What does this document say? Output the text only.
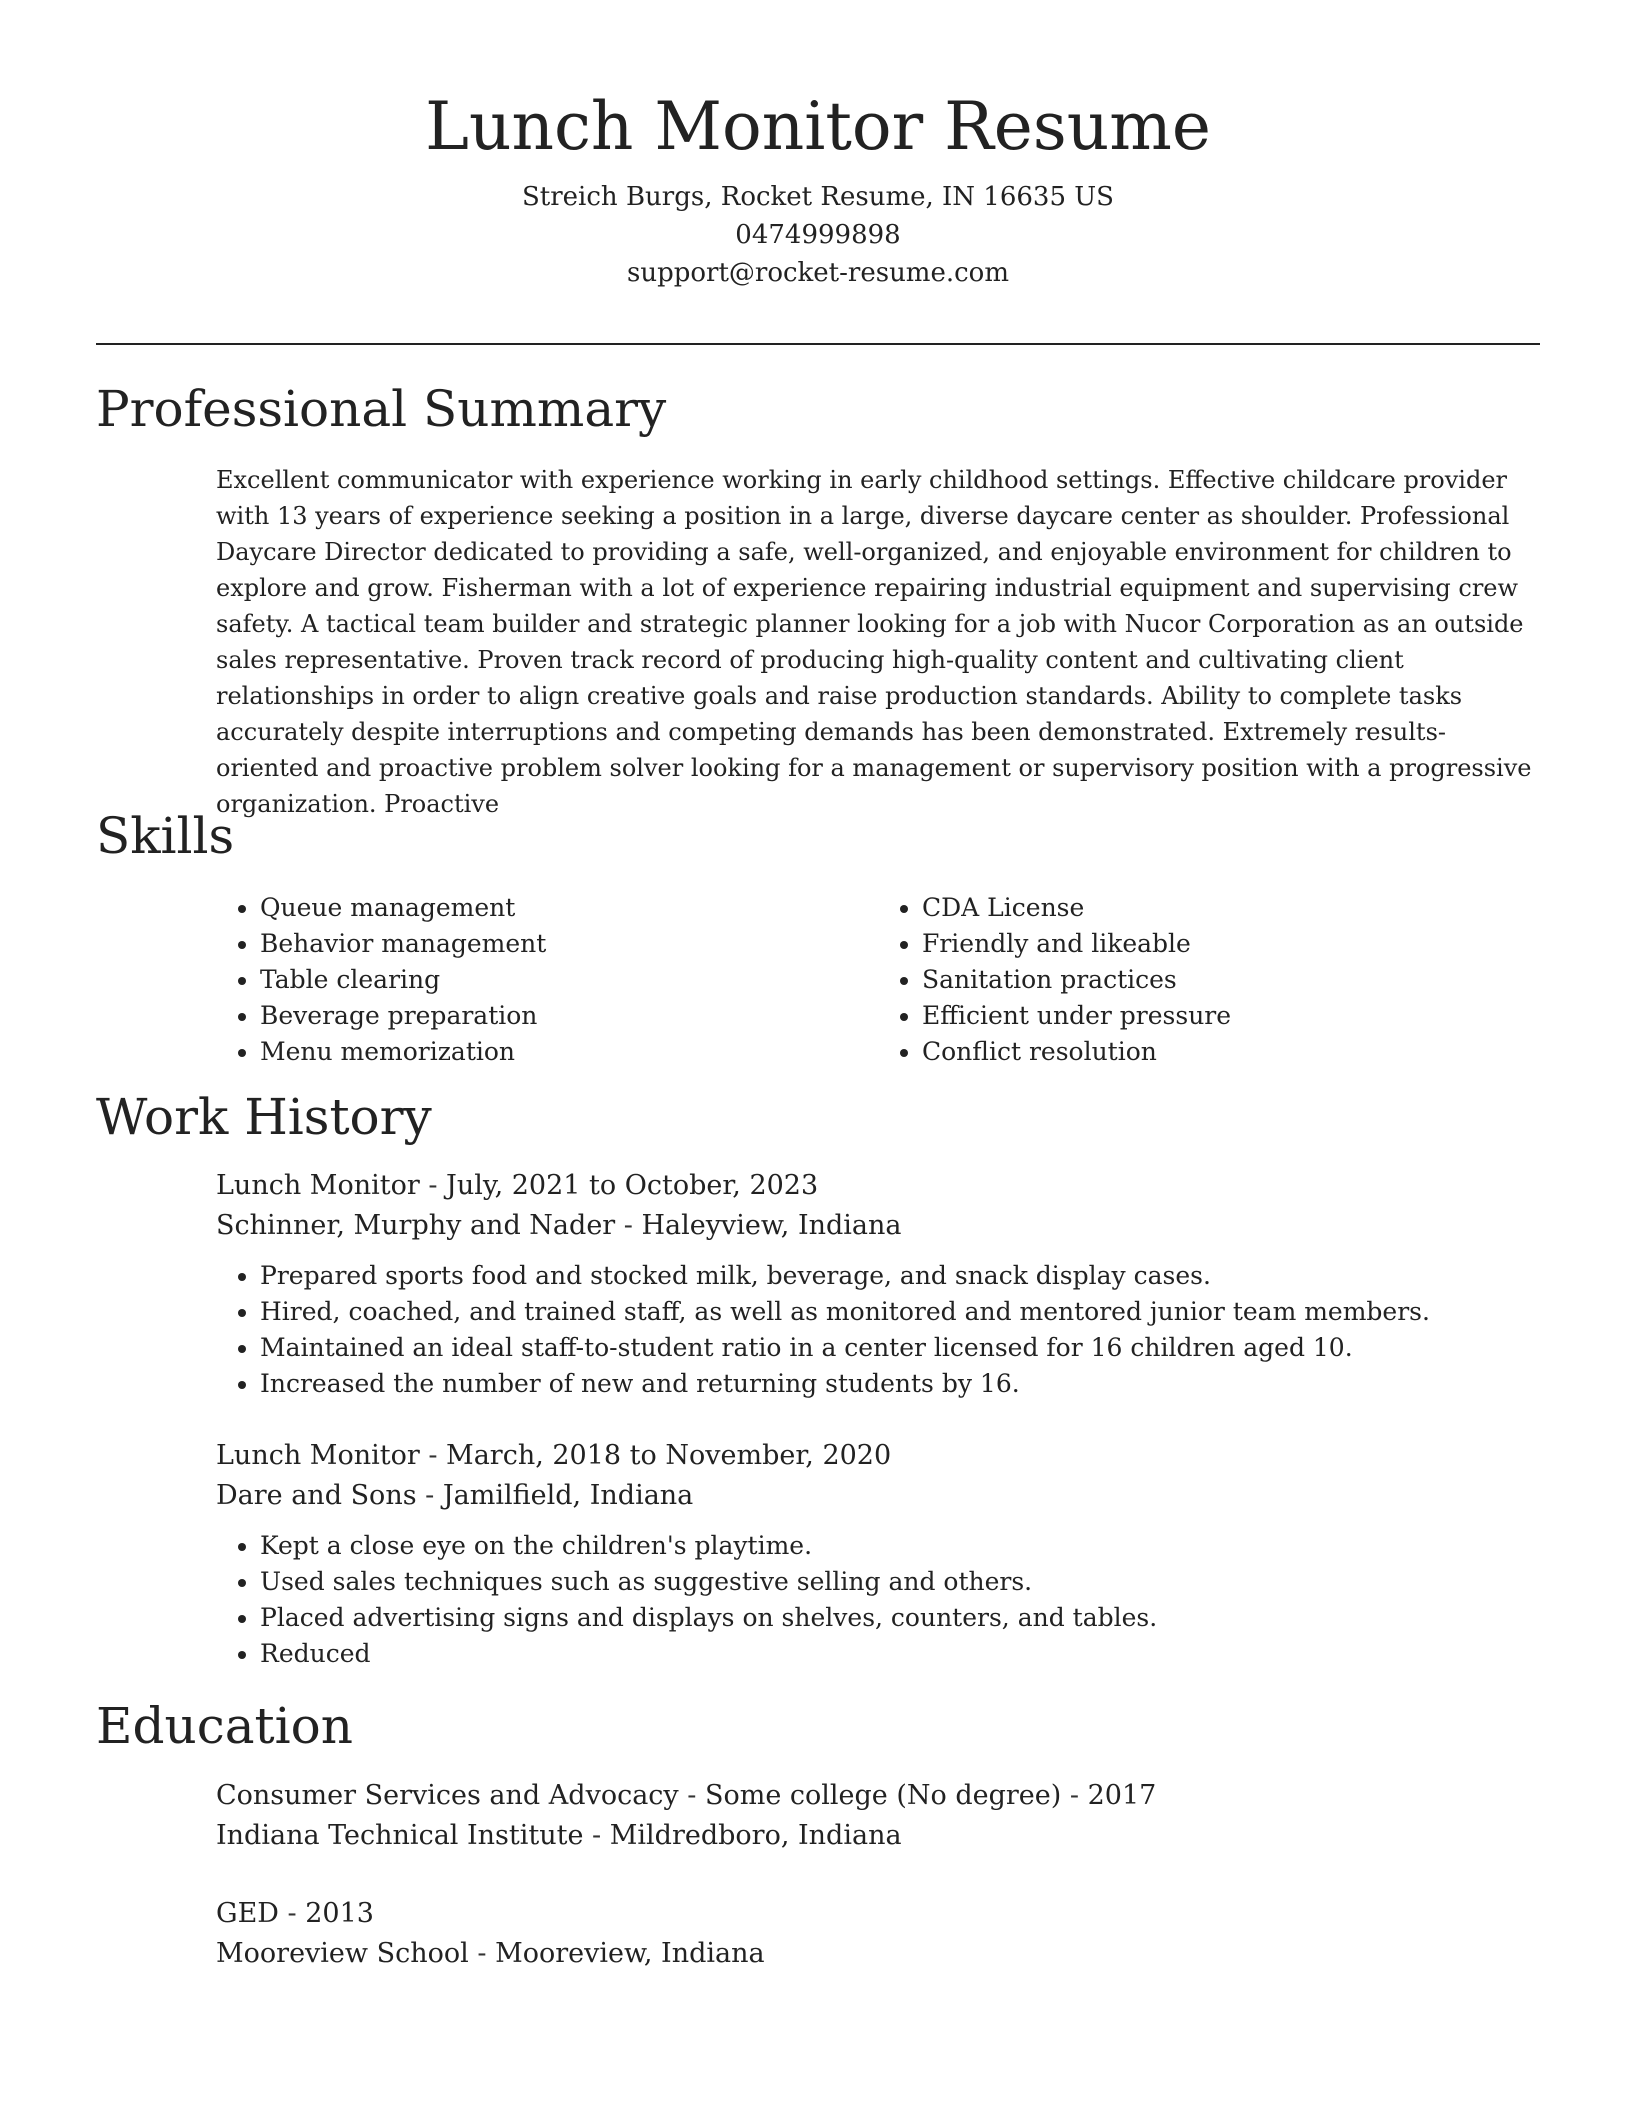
Lunch Monitor Resume
Streich Burgs, Rocket Resume, IN 16635 US
0474999898
support@rocket-resume.com
Professional Summary
Excellent communicator with experience working in early childhood settings. Effective childcare provider with 13 years of experience seeking a position in a large, diverse daycare center as shoulder. Professional Daycare Director dedicated to providing a safe, well-organized, and enjoyable environment for children to explore and grow. Fisherman with a lot of experience repairing industrial equipment and supervising crew safety. A tactical team builder and strategic planner looking for a job with Nucor Corporation as an outside sales representative. Proven track record of producing high-quality content and cultivating client relationships in order to align creative goals and raise production standards. Ability to complete tasks accurately despite interruptions and competing demands has been demonstrated. Extremely results-oriented and proactive problem solver looking for a management or supervisory position with a progressive organization. Proactive
Skills
• Queue management
• Behavior management
• Table clearing
• Beverage preparation
• Menu memorization
• CDA License
• Friendly and likeable
• Sanitation practices
• Efficient under pressure
• Conflict resolution
Work History
Lunch Monitor - July, 2021 to October, 2023
Schinner, Murphy and Nader - Haleyview, Indiana
• Prepared sports food and stocked milk, beverage, and snack display cases.
• Hired, coached, and trained staff, as well as monitored and mentored junior team members.
• Maintained an ideal staff-to-student ratio in a center licensed for 16 children aged 10.
• Increased the number of new and returning students by 16.
Lunch Monitor - March, 2018 to November, 2020
Dare and Sons - Jamilfield, Indiana
• Kept a close eye on the children's playtime.
• Used sales techniques such as suggestive selling and others.
• Placed advertising signs and displays on shelves, counters, and tables.
• Reduced
Education
Consumer Services and Advocacy - Some college (No degree) - 2017
Indiana Technical Institute - Mildredboro, Indiana
GED - 2013
Mooreview School - Mooreview, Indiana
